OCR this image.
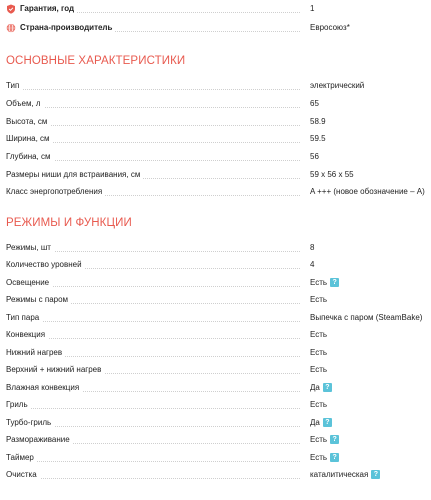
Гарантия, год	1
Страна-производитель	Евросоюз*
ОСНОВНЫЕ ХАРАКТЕРИСТИКИ
Тип	электрический
Объем, л	65
Высота, см	58.9
Ширина, см	59.5
Глубина, см	56
Размеры ниши для встраивания, см	59 x 56 x 55
Класс энергопотребления	A +++ (новое обозначение – A)
РЕЖИМЫ И ФУНКЦИИ
Режимы, шт	8
Количество уровней	4
Освещение	Есть ?
Режимы с паром	Есть
Тип пара	Выпечка с паром (SteamBake)
Конвекция	Есть
Нижний нагрев	Есть
Верхний + нижний нагрев	Есть
Влажная конвекция	Да ?
Гриль	Есть
Турбо-гриль	Да ?
Размораживание	Есть ?
Таймер	Есть ?
Очистка	каталитическая ?
